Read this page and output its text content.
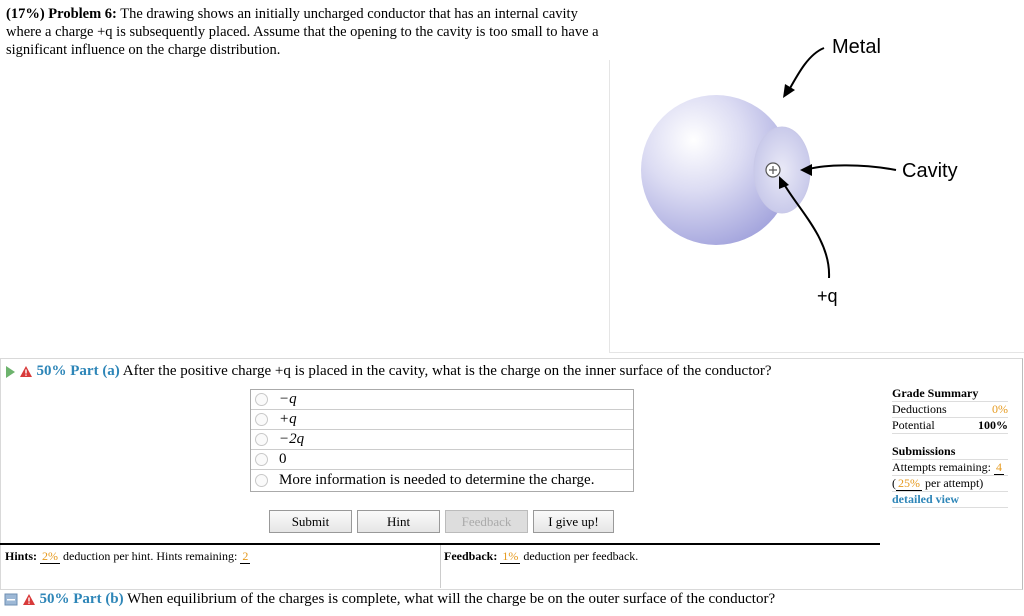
(17%) Problem 6: The drawing shows an initially uncharged conductor that has an internal cavity where a charge +q is subsequently placed. Assume that the opening to the cavity is too small to have a significant influence on the charge distribution.	Metal
Cavity
+q
50% Part (a) After the positive charge +q is placed in the cavity, what is the charge on the inner surface of the conductor?
−q
+q
−2q
0
More information is needed to determine the charge.
Submit	Hint	Feedback	I give up!
Grade Summary
Deductions	0%
Potential	100%
Submissions
Attempts remaining: 4
( 25% per attempt)
detailed view
Hints: 2% deduction per hint. Hints remaining: 2	Feedback: 1% deduction per feedback.
50% Part (b) When equilibrium of the charges is complete, what will the charge be on the outer surface of the conductor?
